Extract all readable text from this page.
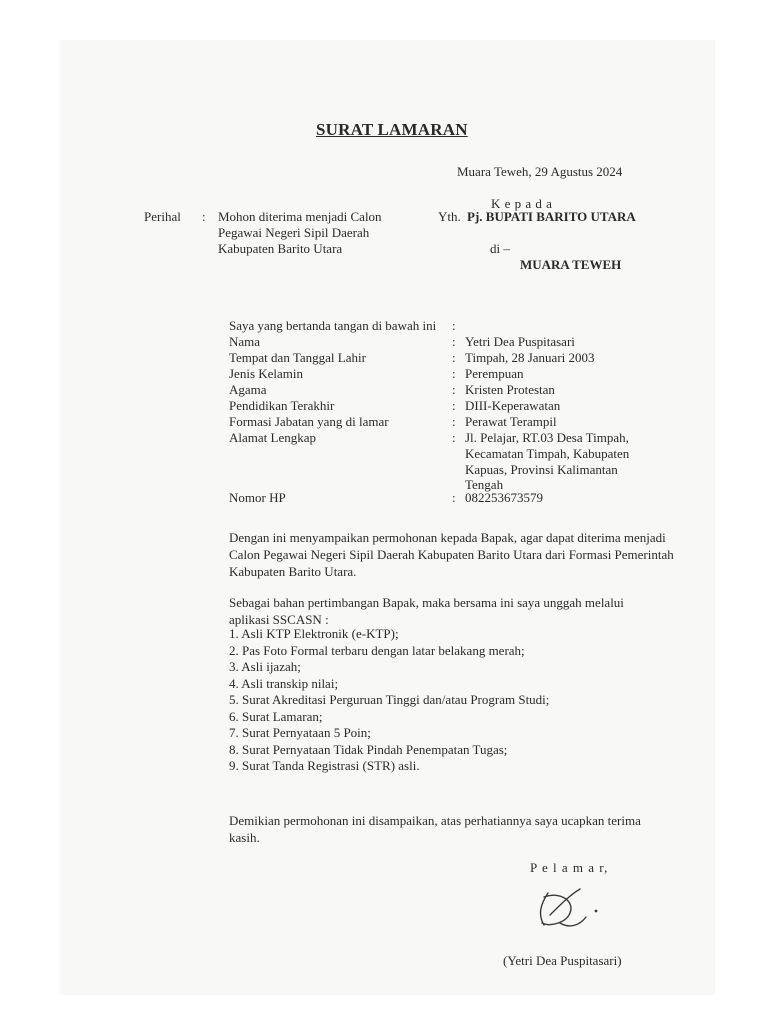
SURAT LAMARAN
Muara Teweh, 29 Agustus 2024
K e p a d a
Yth. Pj. BUPATI BARITO UTARA
di –
MUARA TEWEH
Perihal : Mohon diterima menjadi Calon
Pegawai Negeri Sipil Daerah
Kabupaten Barito Utara
Saya yang bertanda tangan di bawah ini :
Nama	: Yetri Dea Puspitasari
Tempat dan Tanggal Lahir	: Timpah, 28 Januari 2003
Jenis Kelamin	: Perempuan
Agama	: Kristen Protestan
Pendidikan Terakhir	: DIII-Keperawatan
Formasi Jabatan yang di lamar	: Perawat Terampil
Alamat Lengkap	: Jl. Pelajar, RT.03 Desa Timpah,
Kecamatan Timpah, Kabupaten
Kapuas, Provinsi Kalimantan
Tengah
Nomor HP	: 082253673579
Dengan ini menyampaikan permohonan kepada Bapak, agar dapat diterima menjadi
Calon Pegawai Negeri Sipil Daerah Kabupaten Barito Utara dari Formasi Pemerintah
Kabupaten Barito Utara.
Sebagai bahan pertimbangan Bapak, maka bersama ini saya unggah melalui
aplikasi SSCASN :
1. Asli KTP Elektronik (e-KTP);
2. Pas Foto Formal terbaru dengan latar belakang merah;
3. Asli ijazah;
4. Asli transkip nilai;
5. Surat Akreditasi Perguruan Tinggi dan/atau Program Studi;
6. Surat Lamaran;
7. Surat Pernyataan 5 Poin;
8. Surat Pernyataan Tidak Pindah Penempatan Tugas;
9. Surat Tanda Registrasi (STR) asli.
Demikian permohonan ini disampaikan, atas perhatiannya saya ucapkan terima
kasih.
P e l a m a r,
(Yetri Dea Puspitasari)
